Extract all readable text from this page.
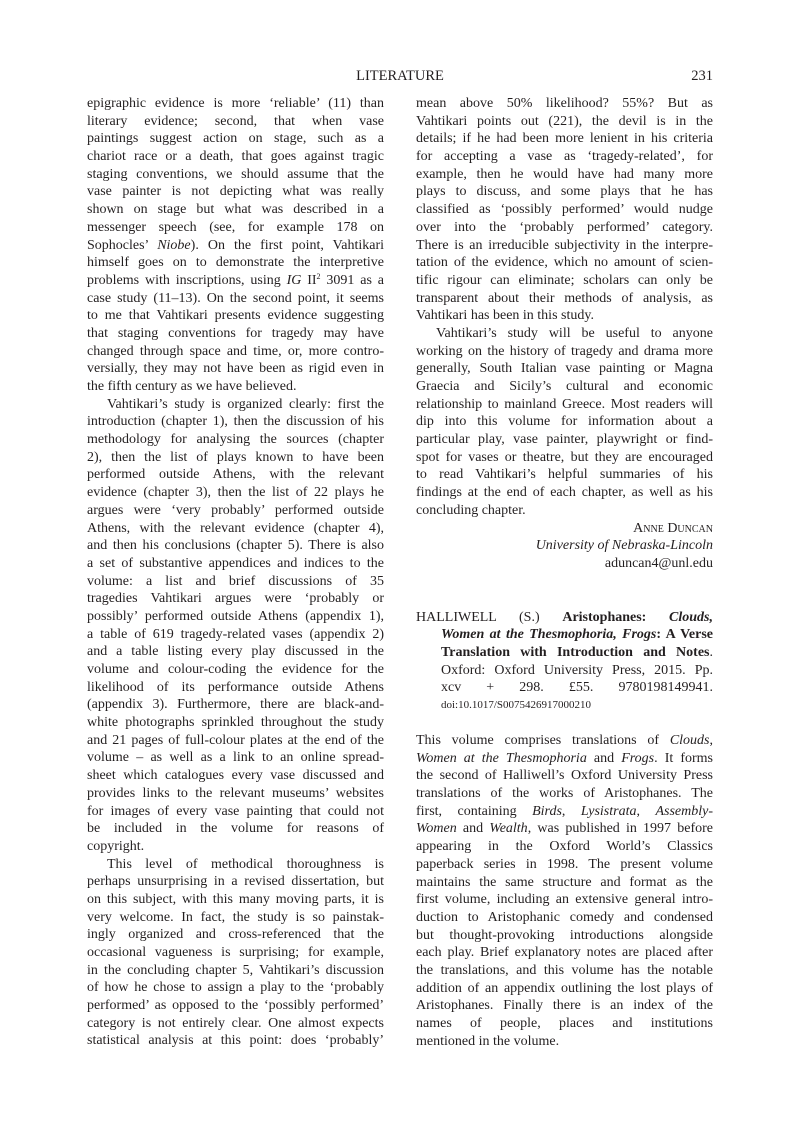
LITERATURE	231
epigraphic evidence is more ‘reliable’ (11) than
literary evidence; second, that when vase
paintings suggest action on stage, such as a
chariot race or a death, that goes against tragic
staging conventions, we should assume that the
vase painter is not depicting what was really
shown on stage but what was described in a
messenger speech (see, for example 178 on
Sophocles’ Niobe). On the first point, Vahtikari
himself goes on to demonstrate the interpretive
problems with inscriptions, using IG $II^2$ 3091 as a
case study (11–13). On the second point, it seems
to me that Vahtikari presents evidence suggesting
that staging conventions for tragedy may have
changed through space and time, or, more contro-
versially, they may not have been as rigid even in
the fifth century as we have believed.
Vahtikari’s study is organized clearly: first the
introduction (chapter 1), then the discussion of his
methodology for analysing the sources (chapter
2), then the list of plays known to have been
performed outside Athens, with the relevant
evidence (chapter 3), then the list of 22 plays he
argues were ‘very probably’ performed outside
Athens, with the relevant evidence (chapter 4),
and then his conclusions (chapter 5). There is also
a set of substantive appendices and indices to the
volume: a list and brief discussions of 35
tragedies Vahtikari argues were ‘probably or
possibly’ performed outside Athens (appendix 1),
a table of 619 tragedy-related vases (appendix 2)
and a table listing every play discussed in the
volume and colour-coding the evidence for the
likelihood of its performance outside Athens
(appendix 3). Furthermore, there are black-and-
white photographs sprinkled throughout the study
and 21 pages of full-colour plates at the end of the
volume – as well as a link to an online spread-
sheet which catalogues every vase discussed and
provides links to the relevant museums’ websites
for images of every vase painting that could not
be included in the volume for reasons of
copyright.
This level of methodical thoroughness is
perhaps unsurprising in a revised dissertation, but
on this subject, with this many moving parts, it is
very welcome. In fact, the study is so painstak-
ingly organized and cross-referenced that the
occasional vagueness is surprising; for example,
in the concluding chapter 5, Vahtikari’s discussion
of how he chose to assign a play to the ‘probably
performed’ as opposed to the ‘possibly performed’
category is not entirely clear. One almost expects
statistical analysis at this point: does ‘probably’
mean above 50% likelihood? 55%? But as
Vahtikari points out (221), the devil is in the
details; if he had been more lenient in his criteria
for accepting a vase as ‘tragedy-related’, for
example, then he would have had many more
plays to discuss, and some plays that he has
classified as ‘possibly performed’ would nudge
over into the ‘probably performed’ category.
There is an irreducible subjectivity in the interpre-
tation of the evidence, which no amount of scien-
tific rigour can eliminate; scholars can only be
transparent about their methods of analysis, as
Vahtikari has been in this study.
Vahtikari’s study will be useful to anyone
working on the history of tragedy and drama more
generally, South Italian vase painting or Magna
Graecia and Sicily’s cultural and economic
relationship to mainland Greece. Most readers will
dip into this volume for information about a
particular play, vase painter, playwright or find-
spot for vases or theatre, but they are encouraged
to read Vahtikari’s helpful summaries of his
findings at the end of each chapter, as well as his
concluding chapter.
Anne Duncan
University of Nebraska-Lincoln
aduncan4@unl.edu
HALLIWELL (S.) Aristophanes: Clouds,
Women at the Thesmophoria, Frogs: A Verse
Translation with Introduction and Notes.
Oxford: Oxford University Press, 2015. Pp.
xcv + 298. £55. 9780198149941.
doi:10.1017/S0075426917000210
This volume comprises translations of Clouds,
Women at the Thesmophoria and Frogs. It forms
the second of Halliwell’s Oxford University Press
translations of the works of Aristophanes. The
first, containing Birds, Lysistrata, Assembly-
Women and Wealth, was published in 1997 before
appearing in the Oxford World’s Classics
paperback series in 1998. The present volume
maintains the same structure and format as the
first volume, including an extensive general intro-
duction to Aristophanic comedy and condensed
but thought-provoking introductions alongside
each play. Brief explanatory notes are placed after
the translations, and this volume has the notable
addition of an appendix outlining the lost plays of
Aristophanes. Finally there is an index of the
names of people, places and institutions
mentioned in the volume.
